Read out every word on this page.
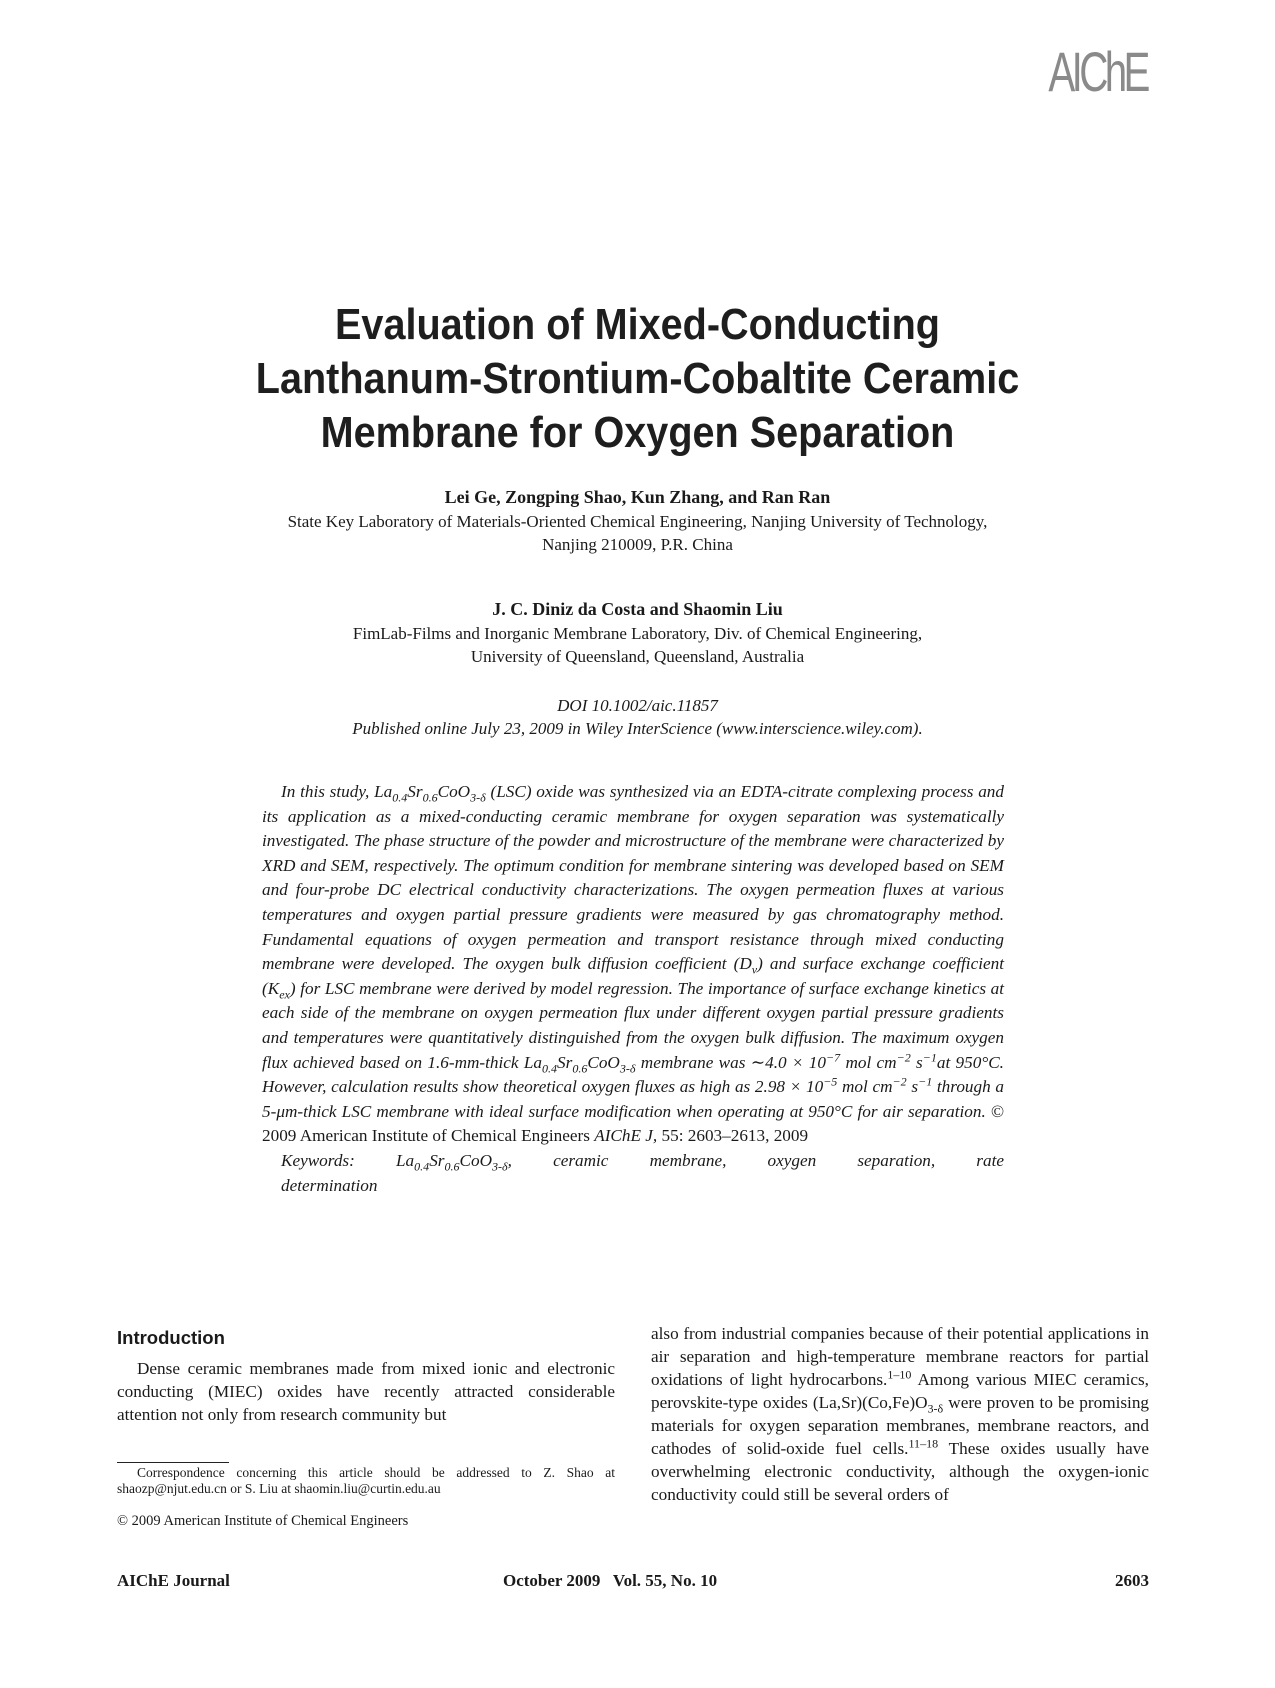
AIChE
Evaluation of Mixed-Conducting
Lanthanum-Strontium-Cobaltite Ceramic
Membrane for Oxygen Separation
Lei Ge, Zongping Shao, Kun Zhang, and Ran Ran
State Key Laboratory of Materials-Oriented Chemical Engineering, Nanjing University of Technology,
Nanjing 210009, P.R. China
J. C. Diniz da Costa and Shaomin Liu
FimLab-Films and Inorganic Membrane Laboratory, Div. of Chemical Engineering,
University of Queensland, Queensland, Australia
DOI 10.1002/aic.11857
Published online July 23, 2009 in Wiley InterScience (www.interscience.wiley.com).

In this study, $La_{0.4}Sr_{0.6}CoO_{3-\delta}$ (LSC) oxide was synthesized via an EDTA-citrate complexing process and its application as a mixed-conducting ceramic membrane for oxygen separation was systematically investigated. The phase structure of the powder and microstructure of the membrane were characterized by XRD and SEM, respectively. The optimum condition for membrane sintering was developed based on SEM and four-probe DC electrical conductivity characterizations. The oxygen permeation fluxes at various temperatures and oxygen partial pressure gradients were measured by gas chromatography method. Fundamental equations of oxygen permeation and transport resistance through mixed conducting membrane were developed. The oxygen bulk diffusion coefficient $(D_v)$ and surface exchange coefficient $(K_{ex})$ for LSC membrane were derived by model regression. The importance of surface exchange kinetics at each side of the membrane on oxygen permeation flux under different oxygen partial pressure gradients and temperatures were quantitatively distinguished from the oxygen bulk diffusion. The maximum oxygen flux achieved based on 1.6-mm-thick $La_{0.4}Sr_{0.6}CoO_{3-\delta}$ membrane was ∼4.0 × $10^{-7}$ mol $cm^{-2}$ $s^{-1}at$ 950°C. However, calculation results show theoretical oxygen fluxes as high as $2.98 \times 10^{-5}$ mol $cm^{-2}$ $s^{-1}$ through a 5-μm-thick LSC membrane with ideal surface modification when operating at 950°C for air separation. © 2009 American Institute of Chemical Engineers AIChE J, 55: 2603–2613, 2009

Keywords: $La_{0.4}Sr_{0.6}CoO_{3-\delta}$, ceramic membrane, oxygen separation, rate

determination

Introduction

Dense ceramic membranes made from mixed ionic and electronic conducting (MIEC) oxides have recently attracted considerable attention not only from research community but

also from industrial companies because of their potential applications in air separation and high-temperature membrane reactors for partial oxidations of light hydrocarbons.$^{1-10}$ Among various MIEC ceramics, perovskite-type oxides $(La,Sr)(Co,Fe)O_{3-\delta}$ were proven to be promising materials for oxygen separation membranes, membrane reactors, and cathodes of solid-oxide fuel cells.$^{11-18}$ These oxides usually have overwhelming electronic conductivity, although the oxygen-ionic conductivity could still be several orders of

Correspondence concerning this article should be addressed to Z. Shao at shaozp@njut.edu.cn or S. Liu at shaomin.liu@curtin.edu.au

© 2009 American Institute of Chemical Engineers
AIChE Journal	October 2009   Vol. 55, No. 10	2603
